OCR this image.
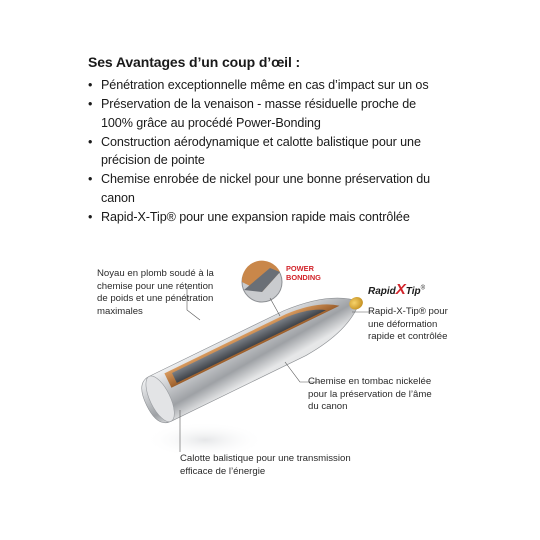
Ses Avantages d’un coup d’œil :
• Pénétration exceptionnelle même en cas d’impact sur un os
• Préservation de la venaison - masse résiduelle proche de
100% grâce au procédé Power-Bonding
• Construction aérodynamique et calotte balistique pour une
précision de pointe
• Chemise enrobée de nickel pour une bonne préservation du
canon
• Rapid-X-Tip® pour une expansion rapide mais contrôlée
Noyau en plomb soudé à la
chemise pour une rétention
de poids et une pénétration
maximales
POWER
BONDING
RapidXTip®
Rapid-X-Tip® pour
une déformation
rapide et contrôlée
Chemise en tombac nickelée
pour la préservation de l’âme
du canon
Calotte balistique pour une transmission
efficace de l’énergie
